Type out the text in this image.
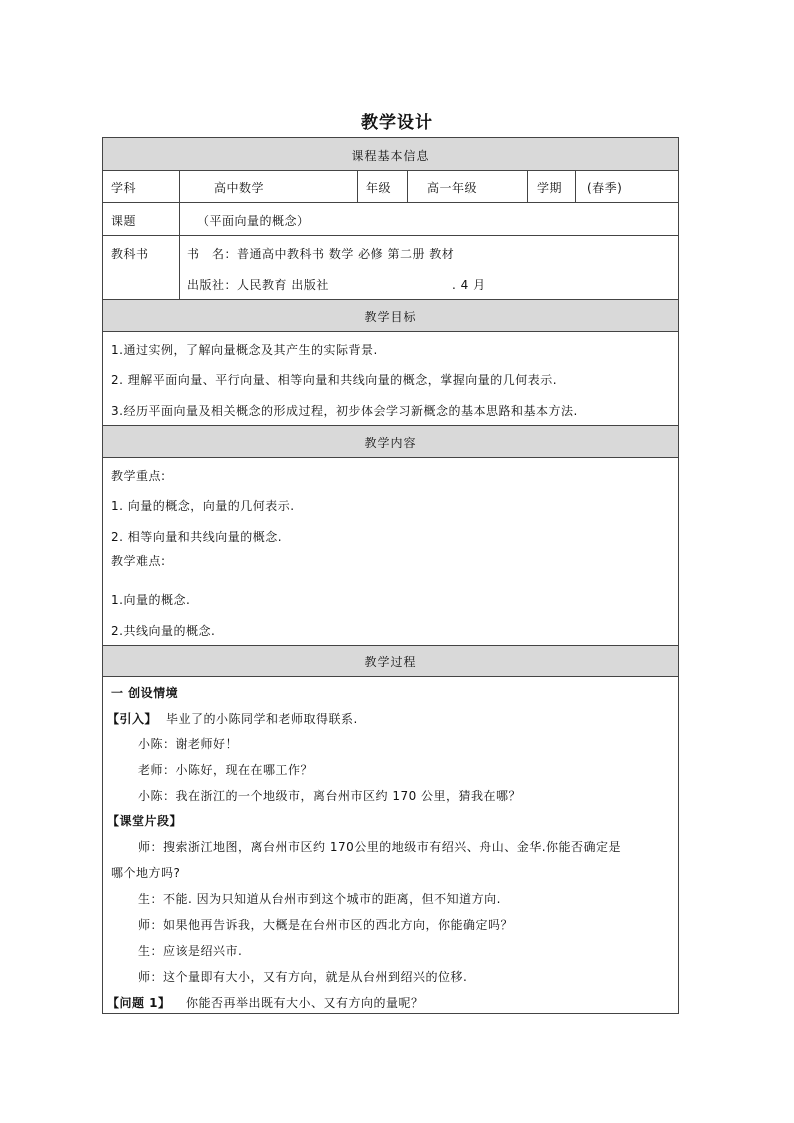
教学设计
课程基本信息
学科	高中数学	年级	高一年级	学期 (春季)
课题	（平面向量的概念）
教科书	书　名：普通高中教科书 数学 必修 第二册 教材
出版社：人民教育 出版社	. 4 月
教学目标
1.通过实例，了解向量概念及其产生的实际背景.
2. 理解平面向量、平行向量、相等向量和共线向量的概念，掌握向量的几何表示.
3.经历平面向量及相关概念的形成过程，初步体会学习新概念的基本思路和基本方法.
教学内容
教学重点:
1. 向量的概念，向量的几何表示.
2. 相等向量和共线向量的概念.
教学难点:
1.向量的概念.
2.共线向量的概念.
教学过程
一 创设情境
【引入】 毕业了的小陈同学和老师取得联系.
小陈：谢老师好！
老师：小陈好，现在在哪工作？
小陈：我在浙江的一个地级市，离台州市区约 170 公里，猜我在哪？
【课堂片段】
师：搜索浙江地图，离台州市区约 170公里的地级市有绍兴、舟山、金华.你能否确定是
哪个地方吗?
生：不能. 因为只知道从台州市到这个城市的距离，但不知道方向.
师：如果他再告诉我，大概是在台州市区的西北方向，你能确定吗？
生：应该是绍兴市.
师：这个量即有大小，又有方向，就是从台州到绍兴的位移.
【问题 1】 你能否再举出既有大小、又有方向的量呢？
